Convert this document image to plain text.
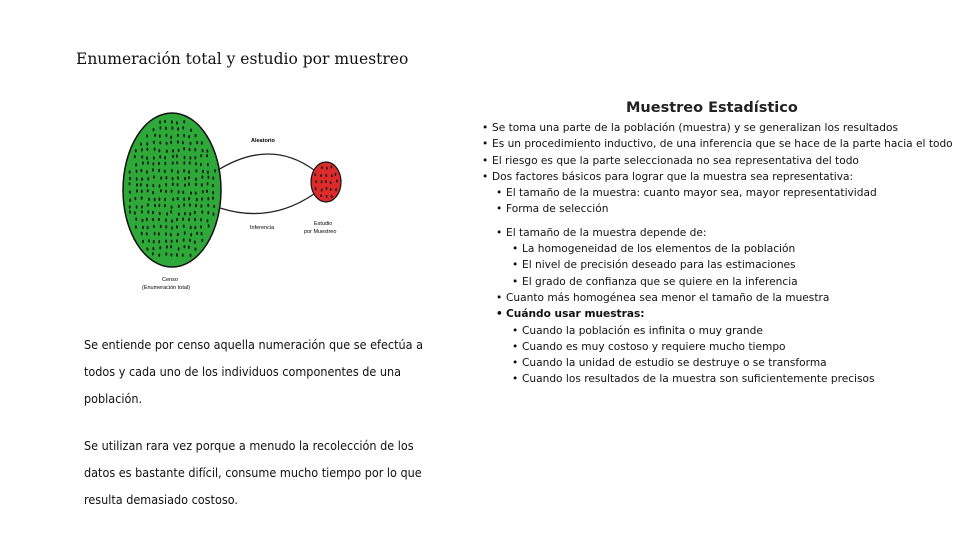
Enumeración total y estudio por muestreo
Aleatorio
Inferencia
Estudio
por Muestreo
Censo
(Enumeración total)

Se entiende por censo aquella numeración que se efectúa a
todos y cada uno de los individuos componentes de una
población.

Se utilizan rara vez porque a menudo la recolección de los
datos es bastante difícil, consume mucho tiempo por lo que
resulta demasiado costoso.

Muestreo Estadístico
• Se toma una parte de la población (muestra) y se generalizan los resultados
• Es un procedimiento inductivo, de una inferencia que se hace de la parte hacia el todo
• El riesgo es que la parte seleccionada no sea representativa del todo
• Dos factores básicos para lograr que la muestra sea representativa:
• El tamaño de la muestra: cuanto mayor sea, mayor representatividad
• Forma de selección
• El tamaño de la muestra depende de:
• La homogeneidad de los elementos de la población
• El nivel de precisión deseado para las estimaciones
• El grado de confianza que se quiere en la inferencia
• Cuanto más homogénea sea menor el tamaño de la muestra
• Cuándo usar muestras:
• Cuando la población es infinita o muy grande
• Cuando es muy costoso y requiere mucho tiempo
• Cuando la unidad de estudio se destruye o se transforma
• Cuando los resultados de la muestra son suficientemente precisos
